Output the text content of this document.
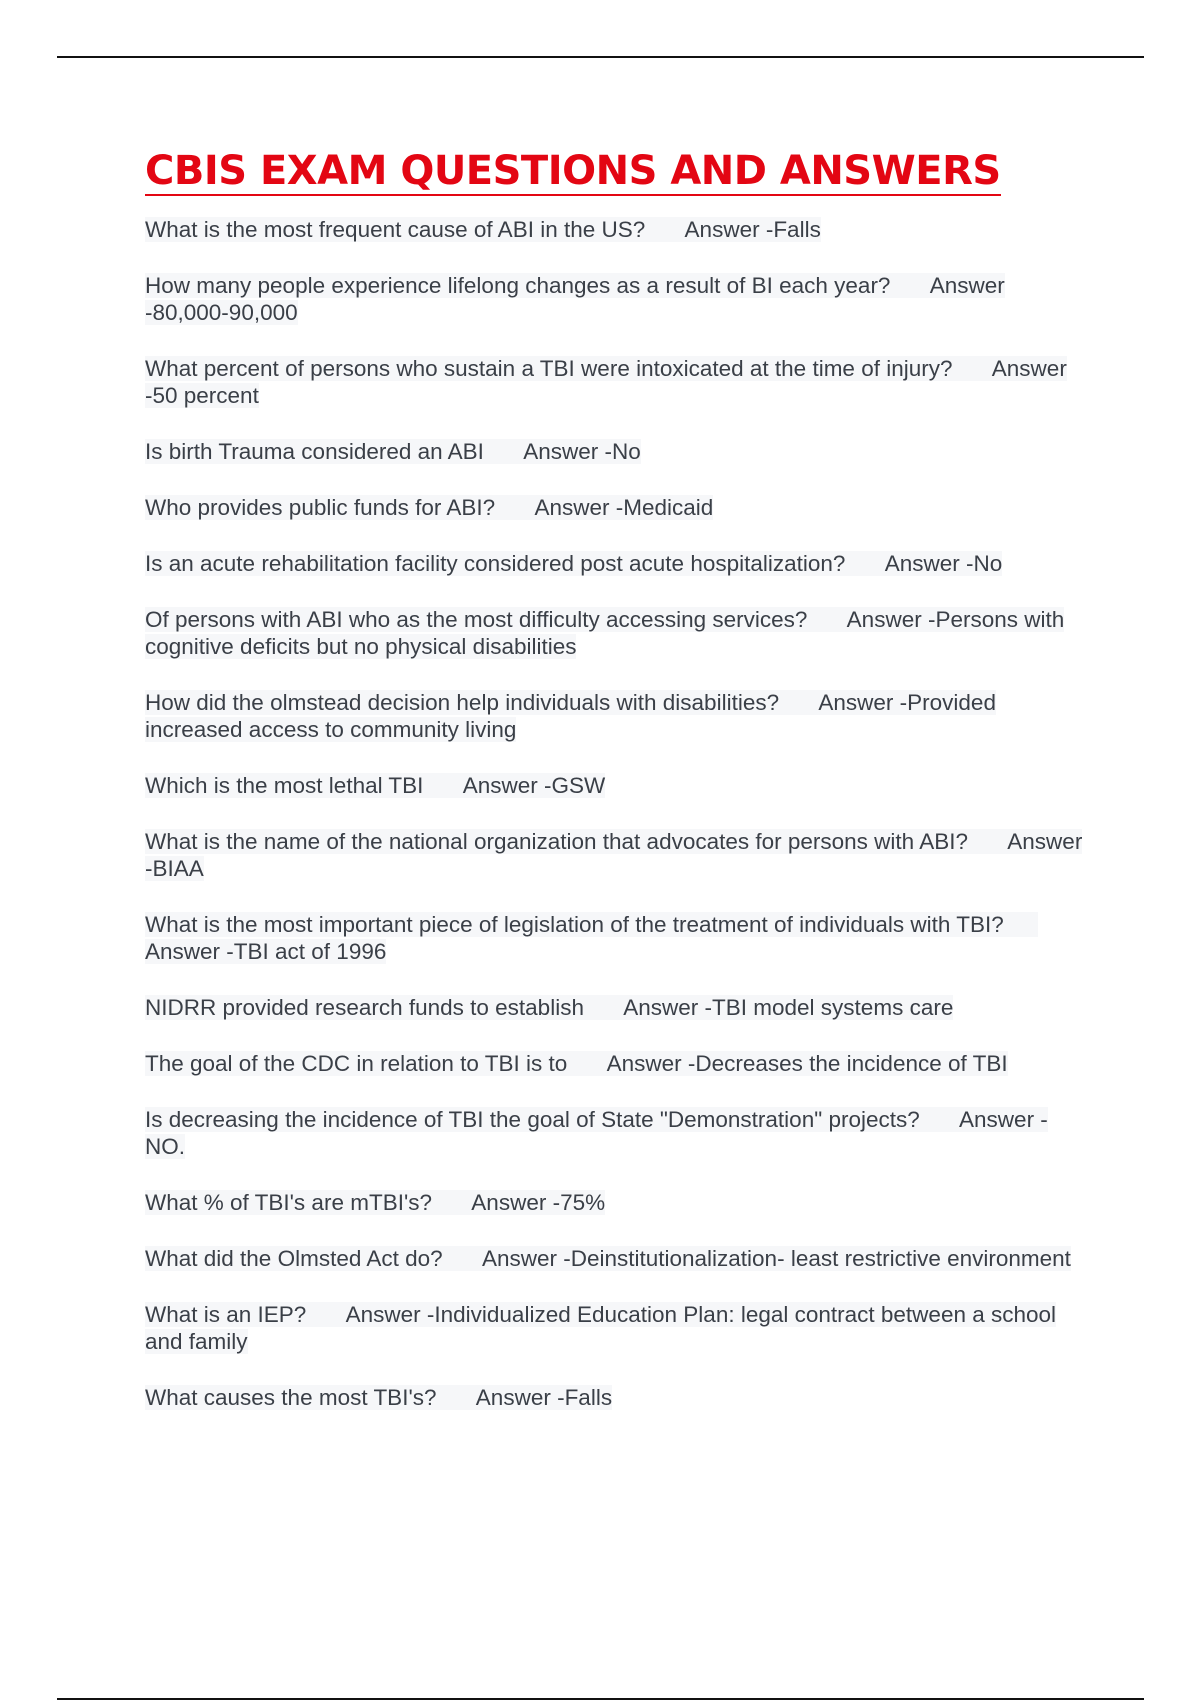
CBIS EXAM QUESTIONS AND ANSWERS
What is the most frequent cause of ABI in the US? Answer -Falls
How many people experience lifelong changes as a result of BI each year? Answer -80,000-90,000
What percent of persons who sustain a TBI were intoxicated at the time of injury? Answer -50 percent
Is birth Trauma considered an ABI Answer -No
Who provides public funds for ABI? Answer -Medicaid
Is an acute rehabilitation facility considered post acute hospitalization? Answer -No
Of persons with ABI who as the most difficulty accessing services? Answer -Persons with cognitive deficits but no physical disabilities
How did the olmstead decision help individuals with disabilities? Answer -Provided increased access to community living
Which is the most lethal TBI Answer -GSW
What is the name of the national organization that advocates for persons with ABI? Answer -BIAA
What is the most important piece of legislation of the treatment of individuals with TBI?  Answer -TBI act of 1996
NIDRR provided research funds to establish Answer -TBI model systems care
The goal of the CDC in relation to TBI is to Answer -Decreases the incidence of TBI
Is decreasing the incidence of TBI the goal of State "Demonstration" projects? Answer -NO.
What % of TBI's are mTBI's? Answer -75%
What did the Olmsted Act do? Answer -Deinstitutionalization- least restrictive environment
What is an IEP? Answer -Individualized Education Plan: legal contract between a school and family
What causes the most TBI's? Answer -Falls
